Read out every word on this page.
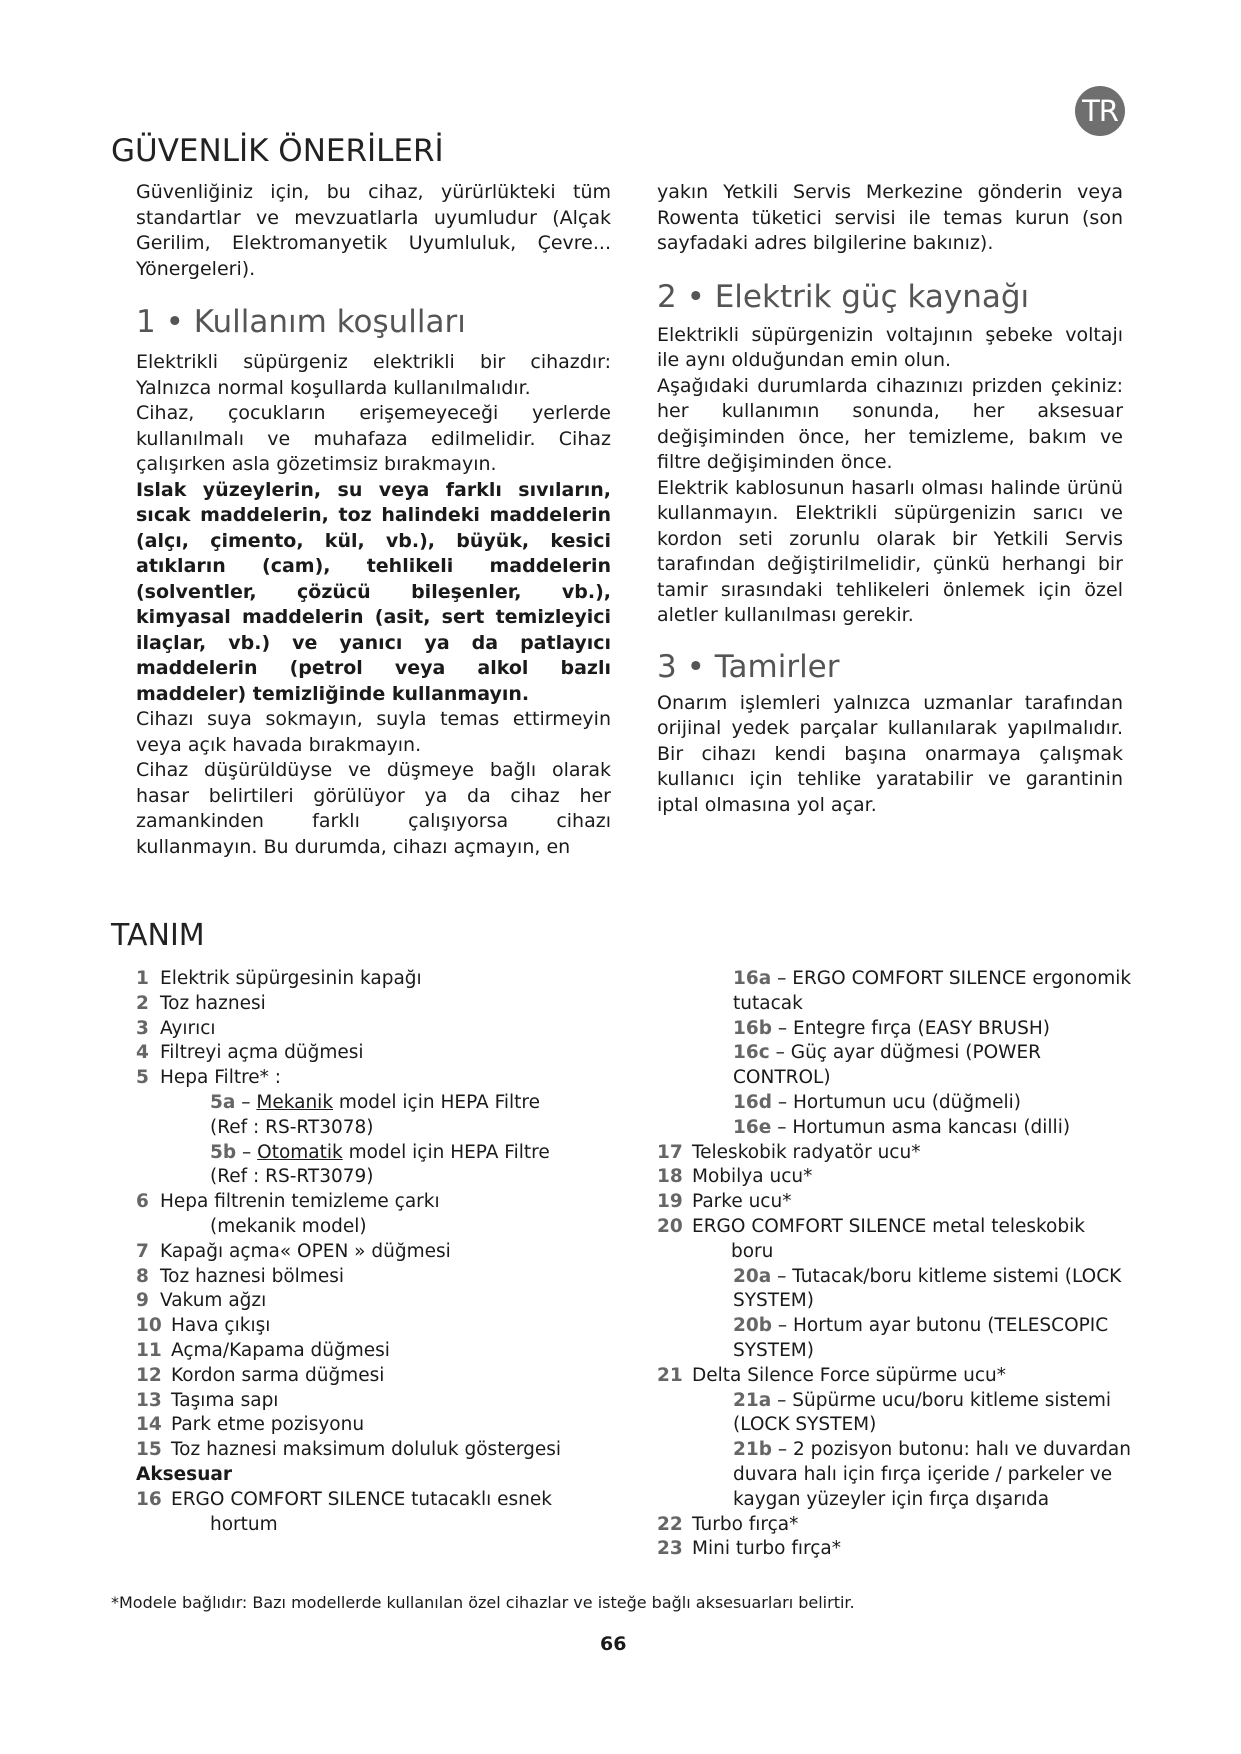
TR
GÜVENLİK ÖNERİLERİ

Güvenliğiniz için, bu cihaz, yürürlükteki tüm standartlar ve mevzuatlarla uyumludur (Alçak Gerilim, Elektromanyetik Uyumluluk, Çevre... Yönergeleri).

1 • Kullanım koşulları

Elektrikli süpürgeniz elektrikli bir cihazdır: Yalnızca normal koşullarda kullanılmalıdır.

Cihaz, çocukların erişemeyeceği yerlerde kullanılmalı ve muhafaza edilmelidir. Cihaz çalışırken asla gözetimsiz bırakmayın.

Islak yüzeylerin, su veya farklı sıvıların, sıcak maddelerin, toz halindeki maddelerin (alçı, çimento, kül, vb.), büyük, kesici atıkların (cam), tehlikeli maddelerin (solventler, çözücü bileşenler, vb.), kimyasal maddelerin (asit, sert temizleyici ilaçlar, vb.) ve yanıcı ya da patlayıcı maddelerin (petrol veya alkol bazlı maddeler) temizliğinde kullanmayın.

Cihazı suya sokmayın, suyla temas ettirmeyin veya açık havada bırakmayın.

Cihaz düşürüldüyse ve düşmeye bağlı olarak hasar belirtileri görülüyor ya da cihaz her zamankinden farklı çalışıyorsa cihazı kullanmayın. Bu durumda, cihazı açmayın, en

yakın Yetkili Servis Merkezine gönderin veya Rowenta tüketici servisi ile temas kurun (son sayfadaki adres bilgilerine bakınız).

2 • Elektrik güç kaynağı

Elektrikli süpürgenizin voltajının şebeke voltajı ile aynı olduğundan emin olun.

Aşağıdaki durumlarda cihazınızı prizden çekiniz: her kullanımın sonunda, her aksesuar değişiminden önce, her temizleme, bakım ve filtre değişiminden önce.

Elektrik kablosunun hasarlı olması halinde ürünü kullanmayın. Elektrikli süpürgenizin sarıcı ve kordon seti zorunlu olarak bir Yetkili Servis tarafından değiştirilmelidir, çünkü herhangi bir tamir sırasındaki tehlikeleri önlemek için özel aletler kullanılması gerekir.

3 • Tamirler

Onarım işlemleri yalnızca uzmanlar tarafından orijinal yedek parçalar kullanılarak yapılmalıdır. Bir cihazı kendi başına onarmaya çalışmak kullanıcı için tehlike yaratabilir ve garantinin iptal olmasına yol açar.

TANIM
1 Elektrik süpürgesinin kapağı
2 Toz haznesi
3 Ayırıcı
4 Filtreyi açma düğmesi
5 Hepa Filtre* :
5a – Mekanik model için HEPA Filtre
(Ref : RS-RT3078)
5b – Otomatik model için HEPA Filtre
(Ref : RS-RT3079)
6 Hepa filtrenin temizleme çarkı
(mekanik model)
7 Kapağı açma« OPEN » düğmesi
8 Toz haznesi bölmesi
9 Vakum ağzı
10 Hava çıkışı
11 Açma/Kapama düğmesi
12 Kordon sarma düğmesi
13 Taşıma sapı
14 Park etme pozisyonu
15 Toz haznesi maksimum doluluk göstergesi
Aksesuar
16 ERGO COMFORT SILENCE tutacaklı esnek
hortum
16a – ERGO COMFORT SILENCE ergonomik
tutacak
16b – Entegre fırça (EASY BRUSH)
16c – Güç ayar düğmesi (POWER CONTROL)
16d – Hortumun ucu (düğmeli)
16e – Hortumun asma kancası (dilli)
17 Teleskobik radyatör ucu*
18 Mobilya ucu*
19 Parke ucu*
20 ERGO COMFORT SILENCE metal teleskobik
boru
20a – Tutacak/boru kitleme sistemi (LOCK
SYSTEM)
20b – Hortum ayar butonu (TELESCOPIC
SYSTEM)
21 Delta Silence Force süpürme ucu*
21a – Süpürme ucu/boru kitleme sistemi
(LOCK SYSTEM)
21b – 2 pozisyon butonu: halı ve duvardan
duvara halı için fırça içeride / parkeler ve
kaygan yüzeyler için fırça dışarıda
22 Turbo fırça*
23 Mini turbo fırça*
*Modele bağlıdır: Bazı modellerde kullanılan özel cihazlar ve isteğe bağlı aksesuarları belirtir.
66
